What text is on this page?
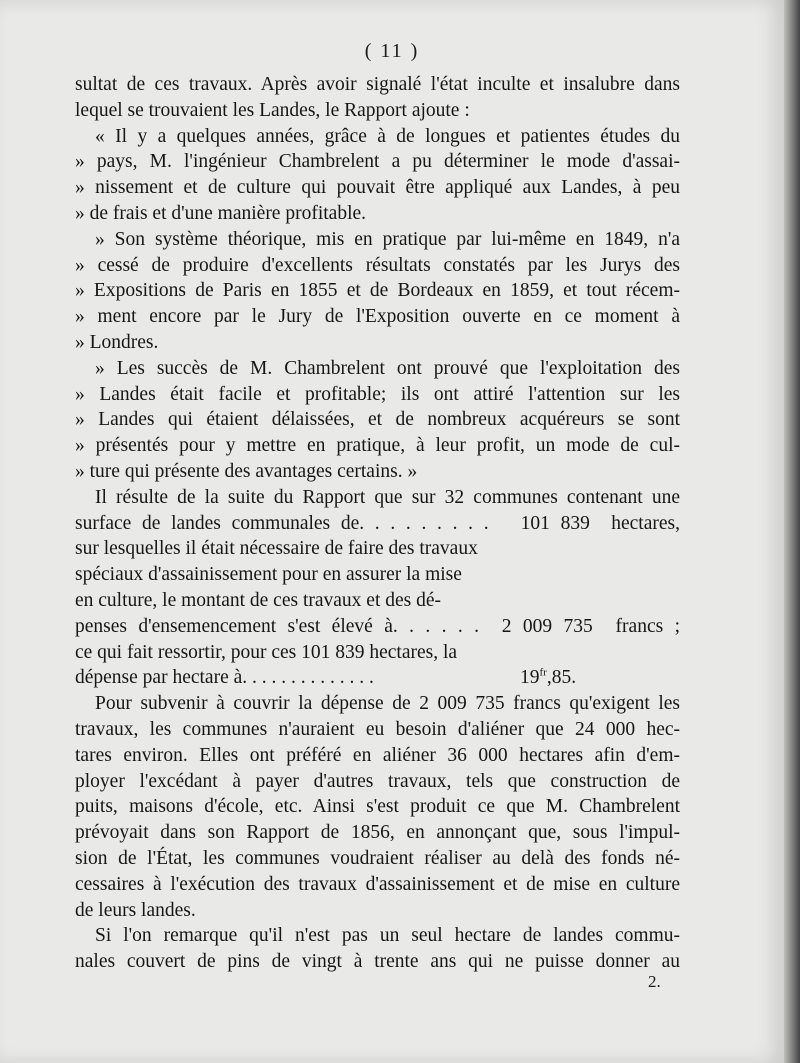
( 11 )
sultat de ces travaux. Après avoir signalé l'état inculte et insalubre dans
lequel se trouvaient les Landes, le Rapport ajoute :
« Il y a quelques années, grâce à de longues et patientes études du
» pays, M. l'ingénieur Chambrelent a pu déterminer le mode d'assai-
» nissement et de culture qui pouvait être appliqué aux Landes, à peu
» de frais et d'une manière profitable.
» Son système théorique, mis en pratique par lui-même en 1849, n'a
» cessé de produire d'excellents résultats constatés par les Jurys des
» Expositions de Paris en 1855 et de Bordeaux en 1859, et tout récem-
» ment encore par le Jury de l'Exposition ouverte en ce moment à
» Londres.
» Les succès de M. Chambrelent ont prouvé que l'exploitation des
» Landes était facile et profitable; ils ont attiré l'attention sur les
» Landes qui étaient délaissées, et de nombreux acquéreurs se sont
» présentés pour y mettre en pratique, à leur profit, un mode de cul-
» ture qui présente des avantages certains. »
Il résulte de la suite du Rapport que sur 32 communes contenant une
surface de landes communales de. . . . . . . . .   101 839  hectares,
sur lesquelles il était nécessaire de faire des travaux
spéciaux d'assainissement pour en assurer la mise
en culture, le montant de ces travaux et des dé-
penses d'ensemencement s'est élevé à. . . . . .  2 009 735  francs ;
ce qui fait ressortir, pour ces 101 839 hectares, la
dépense par hectare à. . . . . . . . . . . . . .	$19^{fr},85$.
Pour subvenir à couvrir la dépense de 2 009 735 francs qu'exigent les
travaux, les communes n'auraient eu besoin d'aliéner que 24 000 hec-
tares environ. Elles ont préféré en aliéner 36 000 hectares afin d'em-
ployer l'excédant à payer d'autres travaux, tels que construction de
puits, maisons d'école, etc. Ainsi s'est produit ce que M. Chambrelent
prévoyait dans son Rapport de 1856, en annonçant que, sous l'impul-
sion de l'État, les communes voudraient réaliser au delà des fonds né-
cessaires à l'exécution des travaux d'assainissement et de mise en culture
de leurs landes.
Si l'on remarque qu'il n'est pas un seul hectare de landes commu-
nales couvert de pins de vingt à trente ans qui ne puisse donner au
2.
